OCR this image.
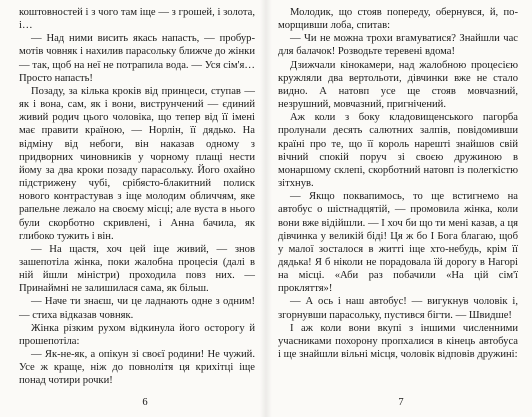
коштовностей і з чого там іще — з грошей, і золота, і…

— Над ними висить якась напасть, — пробурмотів човняк і нахилив парасольку ближче до жінки — так, щоб на неї не потрапила вода. — Уся сім'я… Просто напасть!

Позаду, за кілька кроків від принцеси, ступав — як і вона, сам, як і вони, виструнчений — єдиний живий родич цього чоловіка, що тепер від її імені має правити країною, — Норлін, її дядько. На відміну від небоги, він наказав одному з придворних чиновників у чорному плащі нести йому за два кроки позаду парасольку. Його охайно підстрижену чубі, срібясто-блакитний полиск нового контрастував з іще молодим обличчям, яке рапельне лежало на своєму місці; але вуста в нього були скорботно скривлені, і Анна бачила, як глибоко тужить і він.

— На щастя, хоч цей іще живий, — знов зашепотіла жінка, поки жалобна процесія (далі в ній йшли міністри) проходила повз них. — Принаймні не залишилася сама, як більш.

— Наче ти знаєш, чи це ладнають одне з одним! — стиха відказав човняк.

Жінка різким рухом відкинула його осторогу й прошепотіла:

— Як-не-як, а опікун зі своєї родини! Не чужий. Усе ж краще, ніж до повнолітя ця крихітці іще понад чотири рочки!

6

Молодик, що стояв попереду, обернувся, й, поморщивши лоба, спитав:

— Чи не можна трохи вгамуватися? Знайшли час для балачок! Розводьте теревені вдома!

Дзижчали кінокамери, над жалобною процесією кружляли два вертольоти, дівчинки вже не стало видно. А натовп усе ще стояв мовчазний, незрушний, мовчазний, пригнічений.

Аж коли з боку кладовищенського пагорба пролунали десять салютних залпів, повідомивши країні про те, що її король нарешті знайшов свій вічний спокій поруч зі своєю дружиною в монаршому склепі, скорботний натовп із полегкістю зітхнув.

— Якщо поквапимось, то ще встигнемо на автобус о шістнадцятій, — промовила жінка, коли вони вже відійшли. — І хоч би що ти мені казав, а ця дівчинка у великій біді! Ця ж бо І Бога благаю, щоб у малої зосталося в житті іще хто-небудь, крім її дядька! Я б ніколи не порадовала їй дорогу в Нагорі на місці. «Аби раз побачили «На цій сім'ї прокляття»!

— А ось і наш автобус! — вигукнув чоловік і, згорнувши парасольку, пустився бігти. — Швидше!

І аж коли вони вкупі з іншими численними учасниками похорону пропхалися в кінець автобуса і ще знайшли вільні місця, чоловік відповів дружині:

7
